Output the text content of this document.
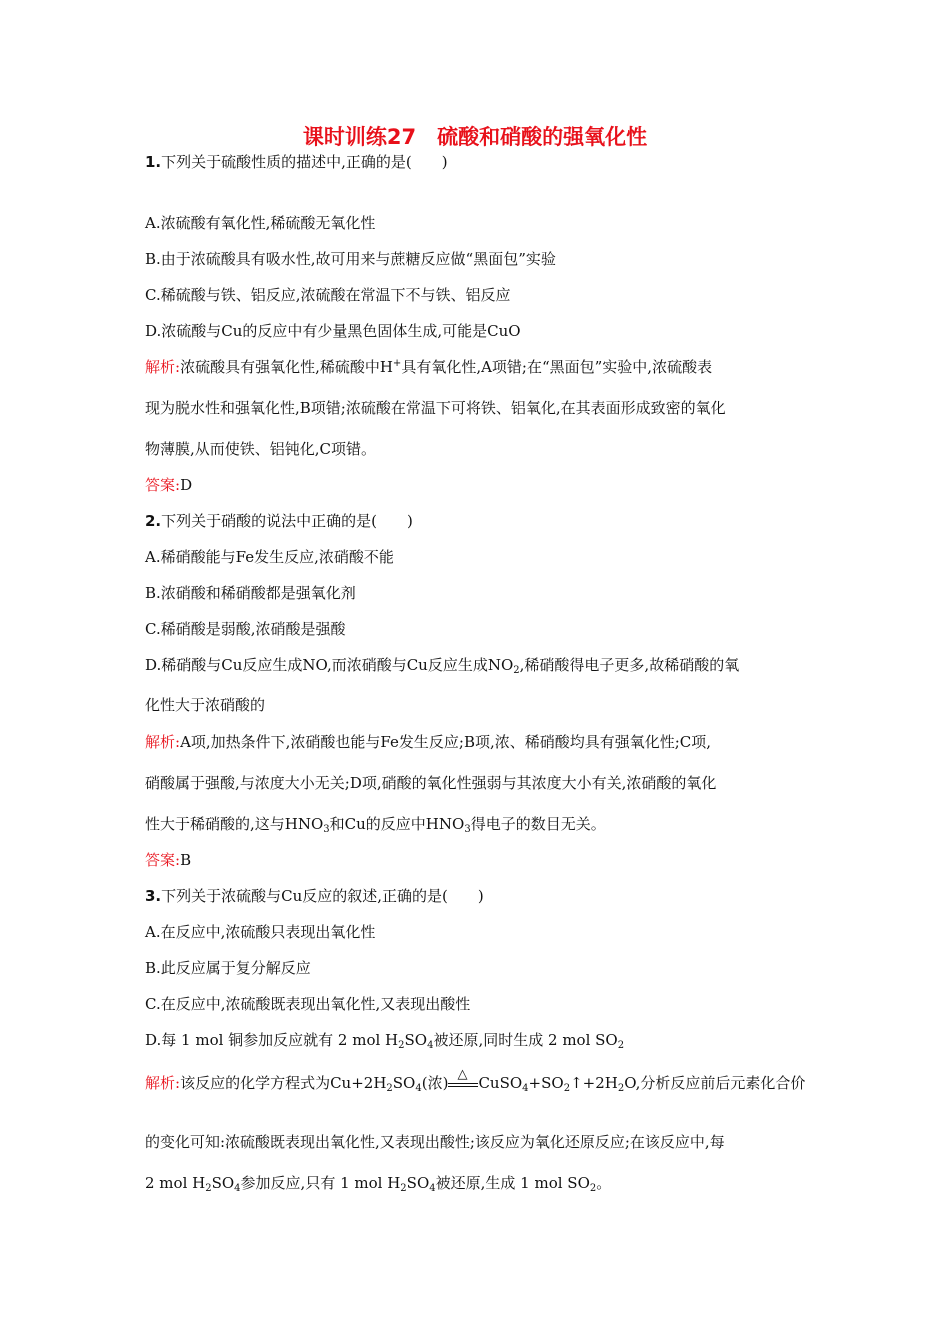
课时训练27　硫酸和硝酸的强氧化性
1.下列关于硫酸性质的描述中,正确的是(　　)
A.浓硫酸有氧化性,稀硫酸无氧化性
B.由于浓硫酸具有吸水性,故可用来与蔗糖反应做“黑面包”实验
C.稀硫酸与铁、铝反应,浓硫酸在常温下不与铁、铝反应
D.浓硫酸与Cu的反应中有少量黑色固体生成,可能是CuO
解析:浓硫酸具有强氧化性,稀硫酸中H+具有氧化性,A项错;在“黑面包”实验中,浓硫酸表
现为脱水性和强氧化性,B项错;浓硫酸在常温下可将铁、铝氧化,在其表面形成致密的氧化
物薄膜,从而使铁、铝钝化,C项错。
答案:D
2.下列关于硝酸的说法中正确的是(　　)
A.稀硝酸能与Fe发生反应,浓硝酸不能
B.浓硝酸和稀硝酸都是强氧化剂
C.稀硝酸是弱酸,浓硝酸是强酸
D.稀硝酸与Cu反应生成NO,而浓硝酸与Cu反应生成$NO_2$,稀硝酸得电子更多,故稀硝酸的氧
化性大于浓硝酸的
解析:A项,加热条件下,浓硝酸也能与Fe发生反应;B项,浓、稀硝酸均具有强氧化性;C项,
硝酸属于强酸,与浓度大小无关;D项,硝酸的氧化性强弱与其浓度大小有关,浓硝酸的氧化
性大于稀硝酸的,这与$HNO_3$和Cu的反应中$HNO_3$得电子的数目无关。
答案:B
3.下列关于浓硫酸与Cu反应的叙述,正确的是(　　)
A.在反应中,浓硫酸只表现出氧化性
B.此反应属于复分解反应
C.在反应中,浓硫酸既表现出氧化性,又表现出酸性
D.每 1 mol 铜参加反应就有 2 mol $H_2SO_4$被还原,同时生成 2 mol $SO_2$
解析:该反应的化学方程式为$Cu+2H_2SO_4$(浓) △ $CuSO_4+SO_2↑+2H_2O$,分析反应前后元素化合价
的变化可知:浓硫酸既表现出氧化性,又表现出酸性;该反应为氧化还原反应;在该反应中,每
2 mol $H_2SO_4$参加反应,只有 1 mol $H_2SO_4$被还原,生成 1 mol $SO_2$。
